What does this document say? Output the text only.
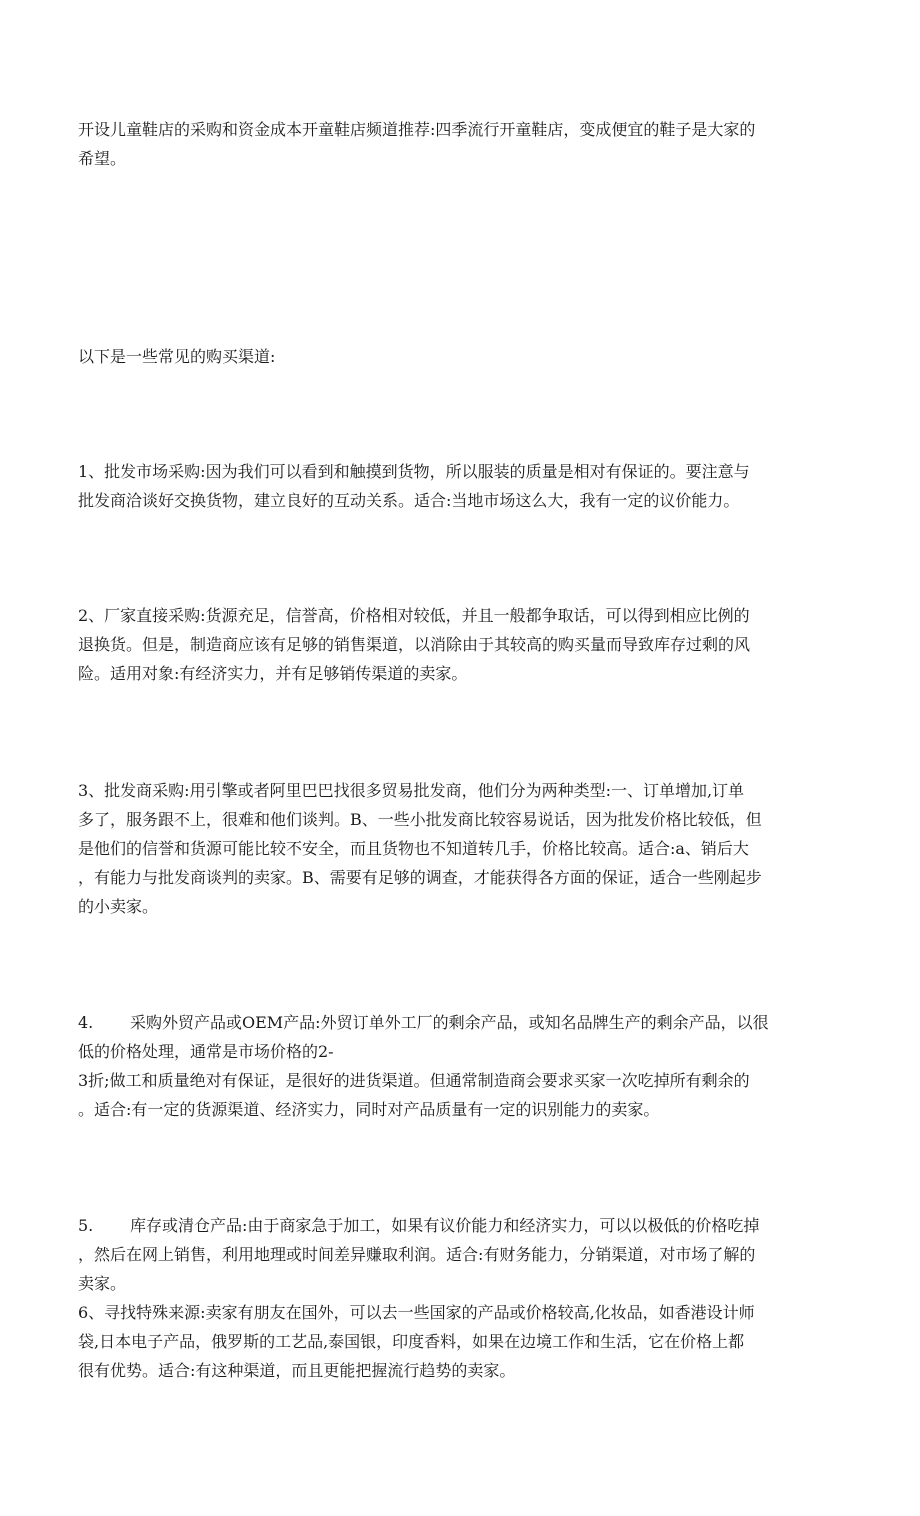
开设儿童鞋店的采购和资金成本开童鞋店频道推荐:四季流行开童鞋店，变成便宜的鞋子是大家的
希望。

以下是一些常见的购买渠道:

1、批发市场采购:因为我们可以看到和触摸到货物，所以服装的质量是相对有保证的。要注意与
批发商洽谈好交换货物，建立良好的互动关系。适合:当地市场这么大，我有一定的议价能力。

2、厂家直接采购:货源充足，信誉高，价格相对较低，并且一般都争取话，可以得到相应比例的
退换货。但是，制造商应该有足够的销售渠道，以消除由于其较高的购买量而导致库存过剩的风
险。适用对象:有经济实力，并有足够销传渠道的卖家。

3、批发商采购:用引擎或者阿里巴巴找很多贸易批发商，他们分为两种类型:一、订单增加,订单
多了，服务跟不上，很难和他们谈判。B、一些小批发商比较容易说话，因为批发价格比较低，但
是他们的信誉和货源可能比较不安全，而且货物也不知道转几手，价格比较高。适合:a、销后大
，有能力与批发商谈判的卖家。B、需要有足够的调查，才能获得各方面的保证，适合一些刚起步
的小卖家。

4. 采购外贸产品或OEM产品:外贸订单外工厂的剩余产品，或知名品牌生产的剩余产品，以很
低的价格处理，通常是市场价格的2-
3折;做工和质量绝对有保证，是很好的进货渠道。但通常制造商会要求买家一次吃掉所有剩余的
。适合:有一定的货源渠道、经济实力，同时对产品质量有一定的识别能力的卖家。

5. 库存或清仓产品:由于商家急于加工，如果有议价能力和经济实力，可以以极低的价格吃掉
，然后在网上销售，利用地理或时间差异赚取利润。适合:有财务能力，分销渠道，对市场了解的
卖家。

6、寻找特殊来源:卖家有朋友在国外，可以去一些国家的产品或价格较高,化妆品，如香港设计师
袋,日本电子产品，俄罗斯的工艺品,泰国银，印度香料，如果在边境工作和生活，它在价格上都
很有优势。适合:有这种渠道，而且更能把握流行趋势的卖家。
